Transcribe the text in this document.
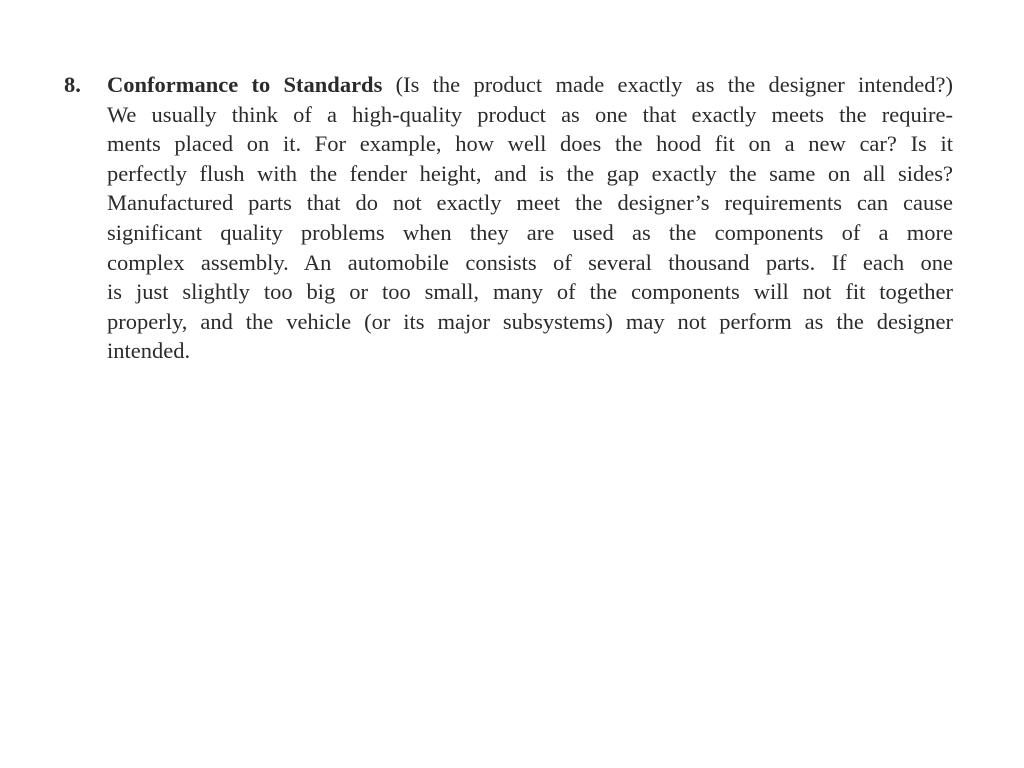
8. Conformance to Standards (Is the product made exactly as the designer intended?)
We usually think of a high-quality product as one that exactly meets the require-
ments placed on it. For example, how well does the hood fit on a new car? Is it
perfectly flush with the fender height, and is the gap exactly the same on all sides?
Manufactured parts that do not exactly meet the designer’s requirements can cause
significant quality problems when they are used as the components of a more
complex assembly. An automobile consists of several thousand parts. If each one
is just slightly too big or too small, many of the components will not fit together
properly, and the vehicle (or its major subsystems) may not perform as the designer
intended.
